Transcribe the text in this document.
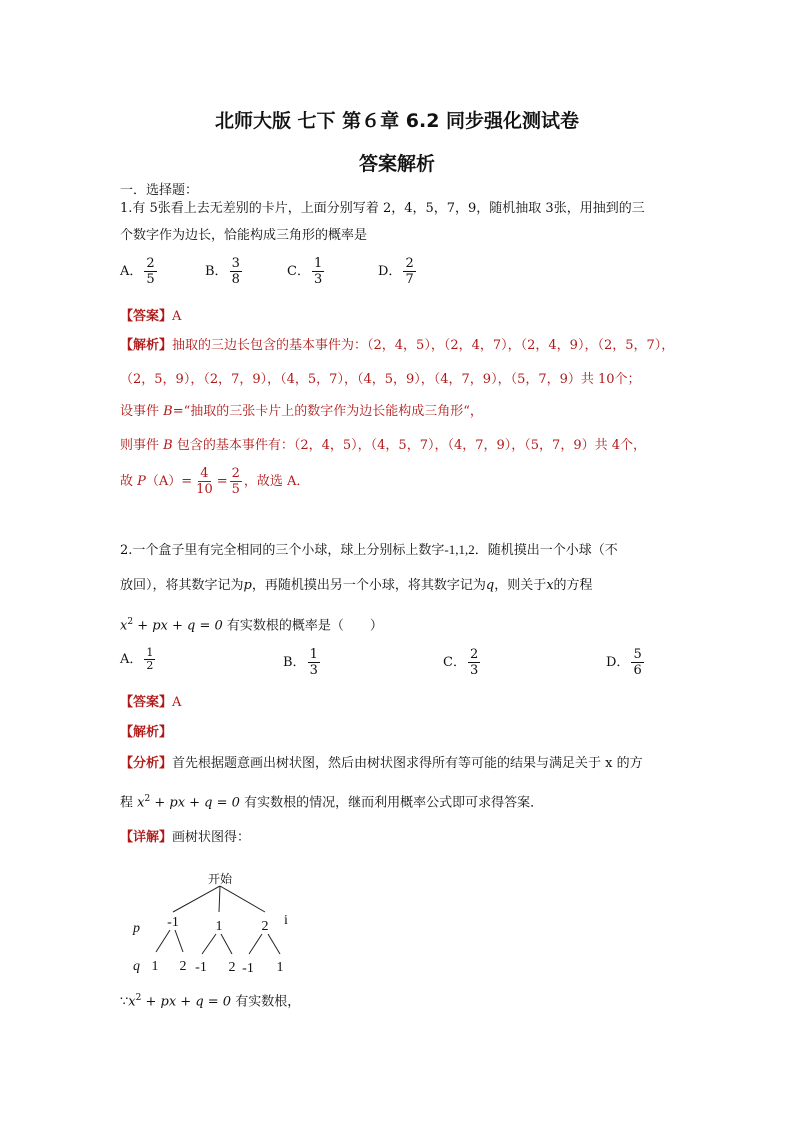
北师大版 七下 第６章 6.2 同步强化测试卷
答案解析
一．选择题：
1.有 5张看上去无差别的卡片，上面分别写着 2，4，5，7，9，随机抽取 3张，用抽到的三
个数字作为边长，恰能构成三角形的概率是
A． $\frac{2}{5}$	B． $\frac{3}{8}$	C． $\frac{1}{3}$	D． $\frac{2}{7}$
【答案】A
【解析】抽取的三边长包含的基本事件为：（2，4，5），（2，4，7），（2，4，9），（2，5，7），
（2，5，9），（2，7，9），（4，5，7），（4，5，9），（4，7，9），（5，7，9）共 10个；
设事件 B=“抽取的三张卡片上的数字作为边长能构成三角形“，
则事件 B 包含的基本事件有：（2，4，5），（4，5，7），（4，7，9），（5，7，9）共 4个，
故 $P(A)= \frac{4}{10} = \frac{2}{5}$ ，故选 A．
2.一个盒子里有完全相同的三个小球，球上分别标上数字-1,1,2．随机摸出一个小球（不
放回），将其数字记为p，再随机摸出另一个小球，将其数字记为q，则关于x的方程
$x^2$ + px + q = 0 有实数根的概率是（　　）
A． $\frac{1}{2}$	B． $\frac{1}{3}$	C． $\frac{2}{3}$	D． $\frac{5}{6}$
【答案】A
【解析】
【分析】首先根据题意画出树状图，然后由树状图求得所有等可能的结果与满足关于 x 的方
程 $x^2$ + px + q = 0 有实数根的情况，继而利用概率公式即可求得答案．
【详解】画树状图得：
开始
p
q
-1	1	2 i
1 2 -1 2 -1 1
$\because x^2$ + px + q = 0 有实数根，
